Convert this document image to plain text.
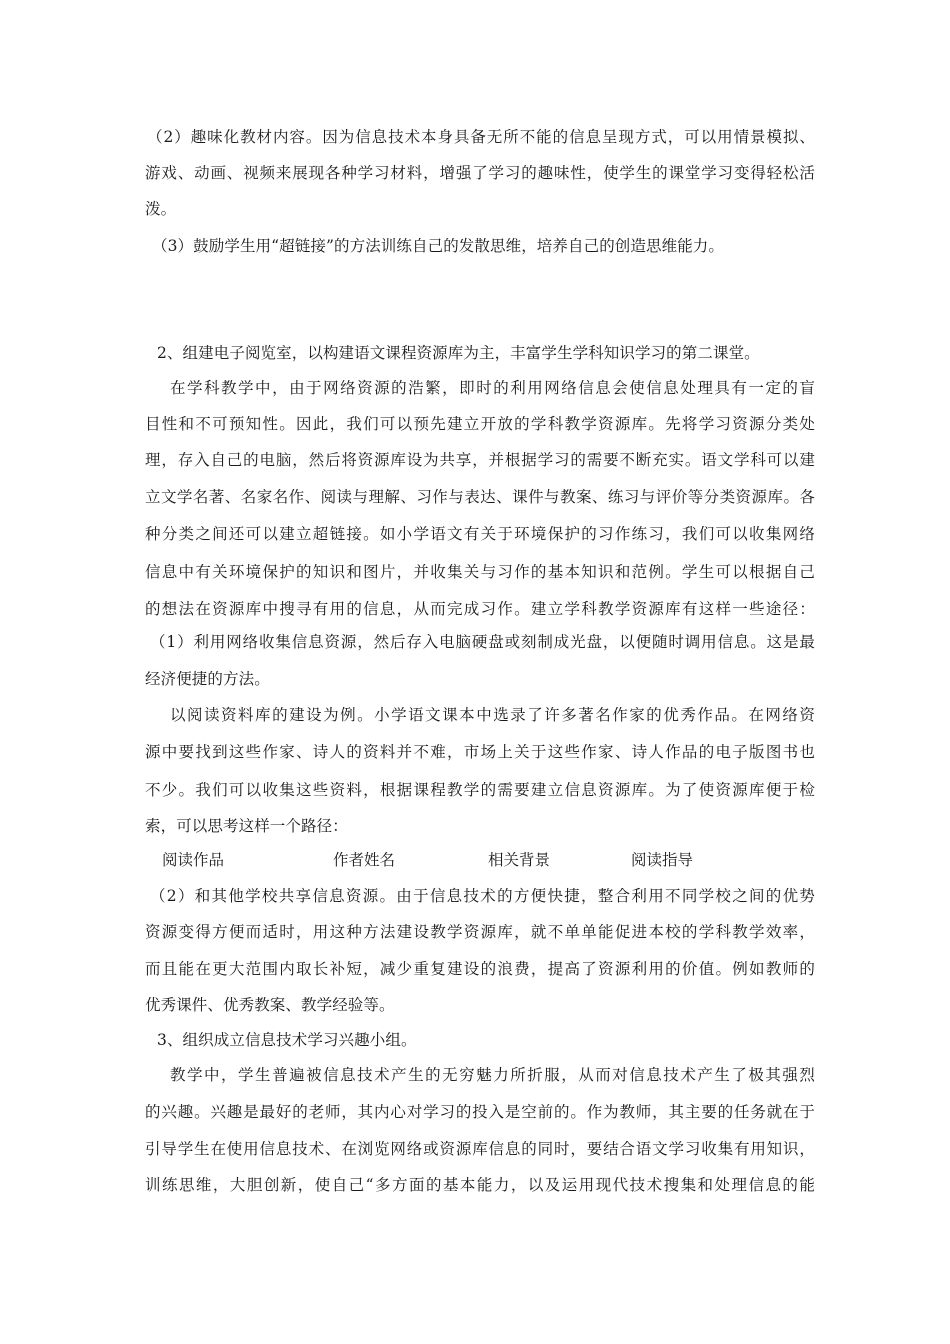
（2）趣味化教材内容。因为信息技术本身具备无所不能的信息呈现方式，可以用情景模拟、
游戏、动画、视频来展现各种学习材料，增强了学习的趣味性，使学生的课堂学习变得轻松活
泼。
（3）鼓励学生用“超链接”的方法训练自己的发散思维，培养自己的创造思维能力。
2、组建电子阅览室，以构建语文课程资源库为主，丰富学生学科知识学习的第二课堂。
在学科教学中，由于网络资源的浩繁，即时的利用网络信息会使信息处理具有一定的盲
目性和不可预知性。因此，我们可以预先建立开放的学科教学资源库。先将学习资源分类处
理，存入自己的电脑，然后将资源库设为共享，并根据学习的需要不断充实。语文学科可以建
立文学名著、名家名作、阅读与理解、习作与表达、课件与教案、练习与评价等分类资源库。各
种分类之间还可以建立超链接。如小学语文有关于环境保护的习作练习，我们可以收集网络
信息中有关环境保护的知识和图片，并收集关与习作的基本知识和范例。学生可以根据自己
的想法在资源库中搜寻有用的信息，从而完成习作。建立学科教学资源库有这样一些途径：
（1）利用网络收集信息资源，然后存入电脑硬盘或刻制成光盘，以便随时调用信息。这是最
经济便捷的方法。
以阅读资料库的建设为例。小学语文课本中选录了许多著名作家的优秀作品。在网络资
源中要找到这些作家、诗人的资料并不难，市场上关于这些作家、诗人作品的电子版图书也
不少。我们可以收集这些资料，根据课程教学的需要建立信息资源库。为了使资源库便于检
索，可以思考这样一个路径：
阅读作品	作者姓名	相关背景	阅读指导
（2）和其他学校共享信息资源。由于信息技术的方便快捷，整合利用不同学校之间的优势
资源变得方便而适时，用这种方法建设教学资源库，就不单单能促进本校的学科教学效率，
而且能在更大范围内取长补短，减少重复建设的浪费，提高了资源利用的价值。例如教师的
优秀课件、优秀教案、教学经验等。
3、组织成立信息技术学习兴趣小组。
教学中，学生普遍被信息技术产生的无穷魅力所折服，从而对信息技术产生了极其强烈
的兴趣。兴趣是最好的老师，其内心对学习的投入是空前的。作为教师，其主要的任务就在于
引导学生在使用信息技术、在浏览网络或资源库信息的同时，要结合语文学习收集有用知识，
训练思维，大胆创新，使自己“多方面的基本能力，以及运用现代技术搜集和处理信息的能
